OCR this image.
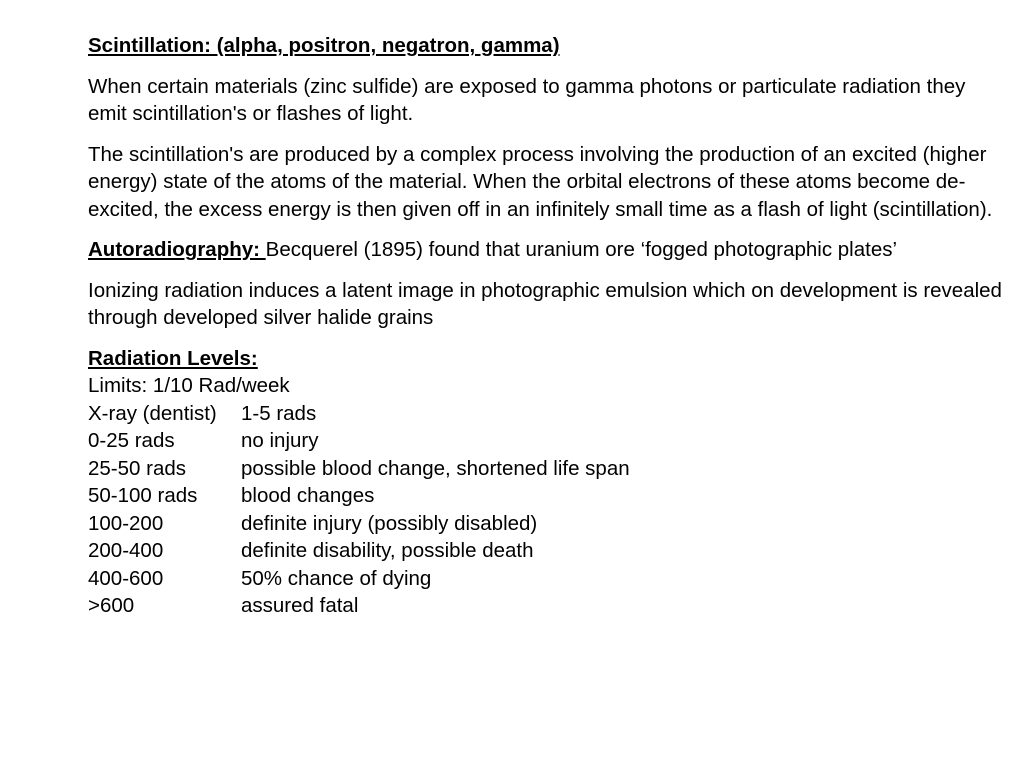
Scintillation: (alpha, positron, negatron, gamma)

When certain materials (zinc sulfide) are exposed to gamma photons or particulate radiation they emit scintillation's or flashes of light.

The scintillation's are produced by a complex process involving the production of an excited (higher energy) state of the atoms of the material. When the orbital electrons of these atoms become de-excited, the excess energy is then given off in an infinitely small time as a flash of light (scintillation).

Autoradiography: Becquerel (1895) found that uranium ore ‘fogged photographic plates’

Ionizing radiation induces a latent image in photographic emulsion which on development is revealed through developed silver halide grains

Radiation Levels:
Limits: 1/10 Rad/week
X-ray (dentist)	1-5 rads
0-25 rads	no injury
25-50 rads	possible blood change, shortened life span
50-100 rads	blood changes
100-200	definite injury (possibly disabled)
200-400	definite disability, possible death
400-600	50% chance of dying
>600	assured fatal
